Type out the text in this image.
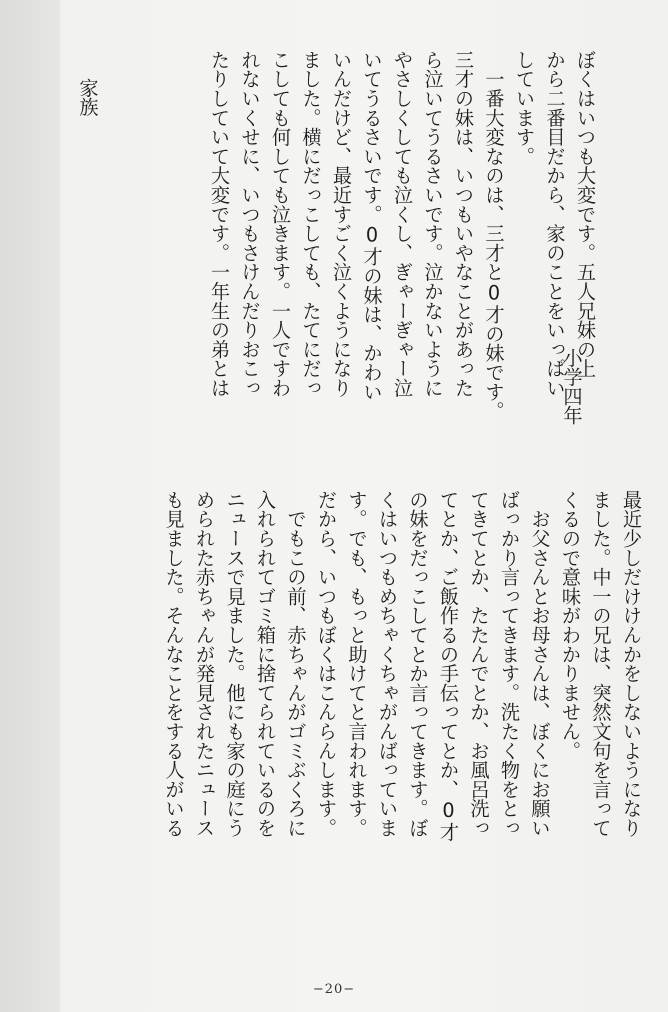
家族
小学四年
ぼくはいつも大変です。五人兄妹の上
から二番目だから、家のことをいっぱい
しています。
　一番大変なのは、三才と0才の妹です。
三才の妹は、いつもいやなことがあった
ら泣いてうるさいです。泣かないように
やさしくしても泣くし、ぎゃーぎゃー泣
いてうるさいです。0才の妹は、かわい
いんだけど、最近すごく泣くようになり
ました。横にだっこしても、たてにだっ
こしても何しても泣きます。一人ですわ
れないくせに、いつもさけんだりおこっ
たりしていて大変です。一年生の弟とは
最近少しだけけんかをしないようになり
ました。中一の兄は、突然文句を言って
くるので意味がわかりません。
　お父さんとお母さんは、ぼくにお願い
ばっかり言ってきます。洗たく物をとっ
てきてとか、たたんでとか、お風呂洗っ
てとか、ご飯作るの手伝ってとか、0才
の妹をだっこしてとか言ってきます。ぼ
くはいつもめちゃくちゃがんばっていま
す。でも、もっと助けてと言われます。
だから、いつもぼくはこんらんします。
　でもこの前、赤ちゃんがゴミぶくろに
入れられてゴミ箱に捨てられているのを
ニュースで見ました。他にも家の庭にう
められた赤ちゃんが発見されたニュース
も見ました。そんなことをする人がいる
−20−
